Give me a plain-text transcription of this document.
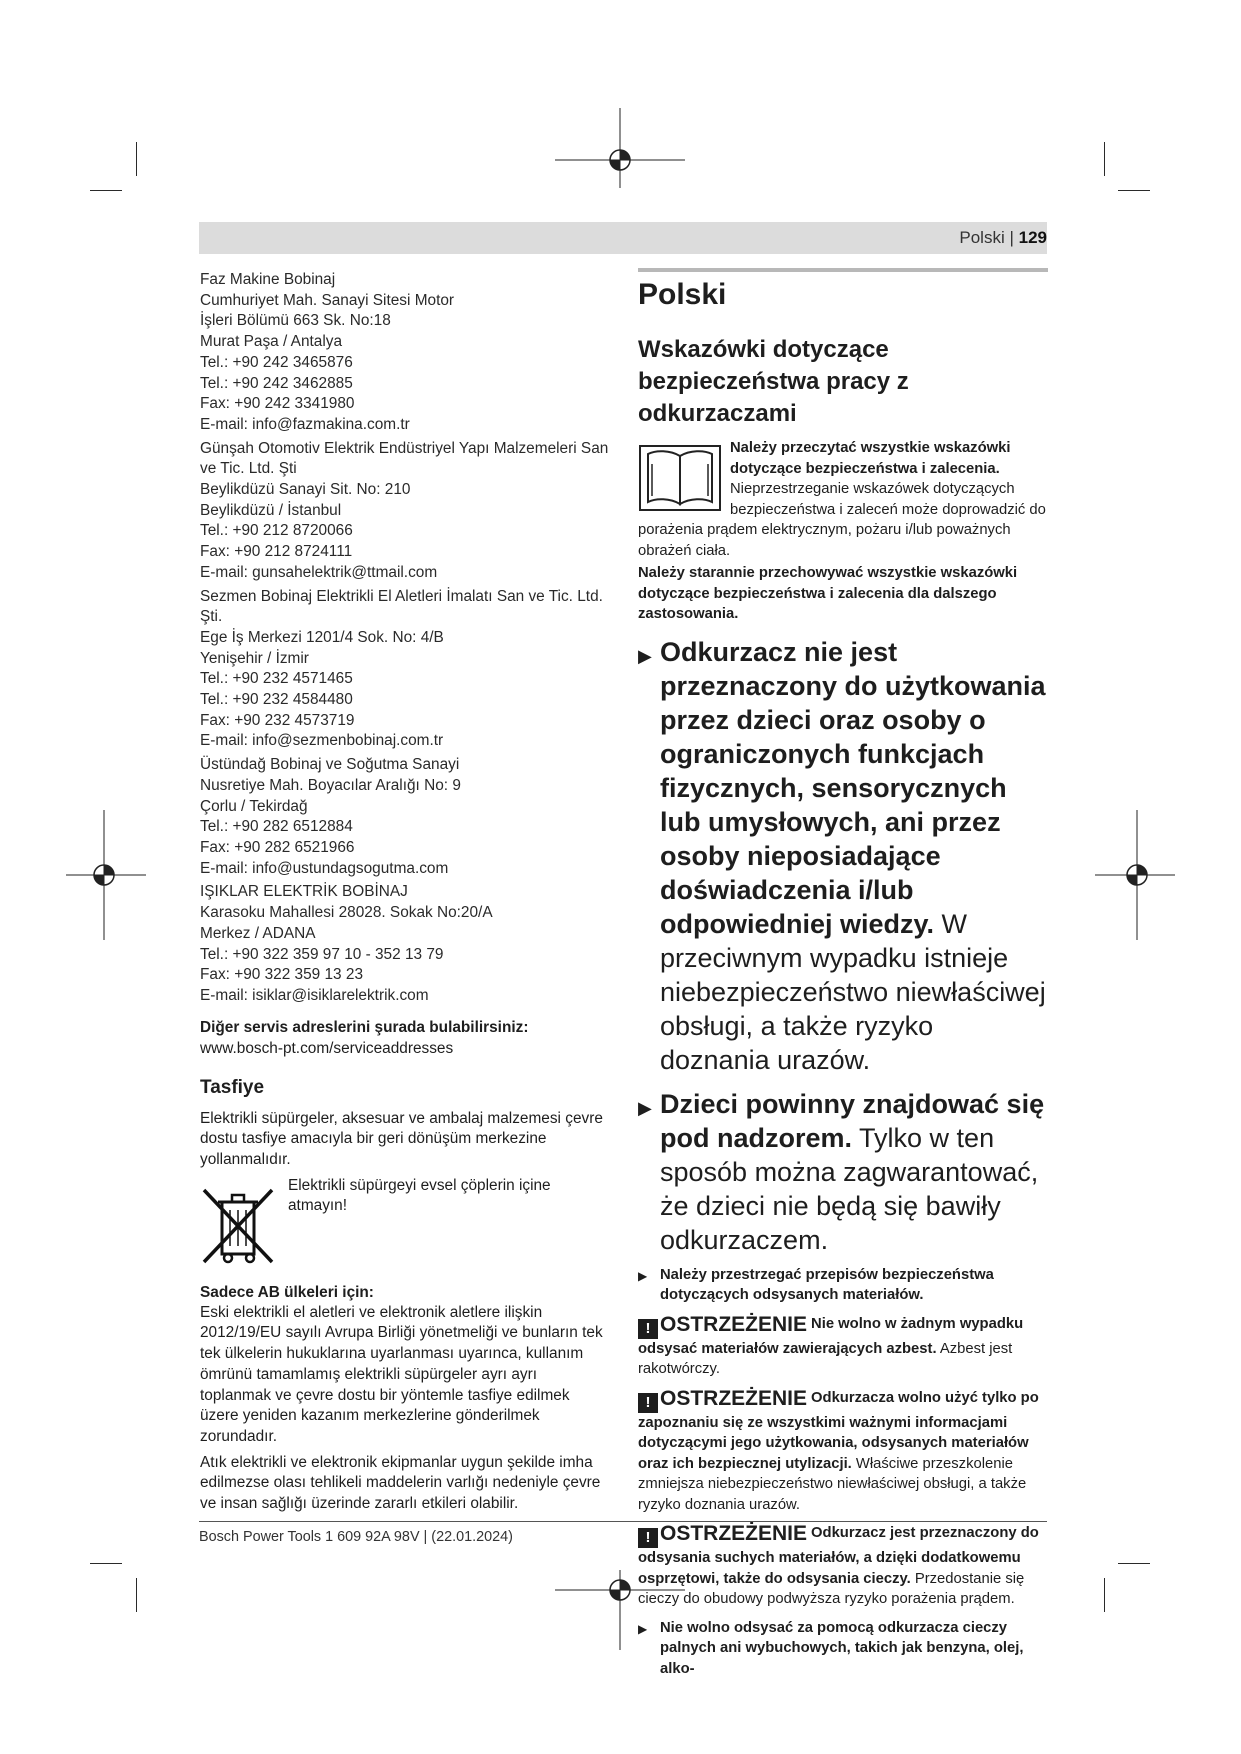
Polski | 129
Faz Makine Bobinaj
Cumhuriyet Mah. Sanayi Sitesi Motor
İşleri Bölümü 663 Sk. No:18
Murat Paşa / Antalya
Tel.: +90 242 3465876
Tel.: +90 242 3462885
Fax: +90 242 3341980
E-mail: info@fazmakina.com.tr
Günşah Otomotiv Elektrik Endüstriyel Yapı Malzemeleri San ve Tic. Ltd. Şti
Beylikdüzü Sanayi Sit. No: 210
Beylikdüzü / İstanbul
Tel.: +90 212 8720066
Fax: +90 212 8724111
E-mail: gunsahelektrik@ttmail.com
Sezmen Bobinaj Elektrikli El Aletleri İmalatı San ve Tic. Ltd. Şti.
Ege İş Merkezi 1201/4 Sok. No: 4/B
Yenişehir / İzmir
Tel.: +90 232 4571465
Tel.: +90 232 4584480
Fax: +90 232 4573719
E-mail: info@sezmenbobinaj.com.tr
Üstündağ Bobinaj ve Soğutma Sanayi
Nusretiye Mah. Boyacılar Aralığı No: 9
Çorlu / Tekirdağ
Tel.: +90 282 6512884
Fax: +90 282 6521966
E-mail: info@ustundagsogutma.com
IŞIKLAR ELEKTRİK BOBİNAJ
Karasoku Mahallesi 28028. Sokak No:20/A
Merkez / ADANA
Tel.: +90 322 359 97 10 - 352 13 79
Fax: +90 322 359 13 23
E-mail: isiklar@isiklarelektrik.com
Diğer servis adreslerini şurada bulabilirsiniz:
www.bosch-pt.com/serviceaddresses
Tasfiye
Elektrikli süpürgeler, aksesuar ve ambalaj malzemesi çevre dostu tasfiye amacıyla bir geri dönüşüm merkezine yollanmalıdır.
Elektrikli süpürgeyi evsel çöplerin içine atmayın!
Sadece AB ülkeleri için:
Eski elektrikli el aletleri ve elektronik aletlere ilişkin 2012/19/EU sayılı Avrupa Birliği yönetmeliği ve bunların tek tek ülkelerin hukuklarına uyarlanması uyarınca, kullanım ömrünü tamamlamış elektrikli süpürgeler ayrı ayrı toplanmak ve çevre dostu bir yöntemle tasfiye edilmek üzere yeniden kazanım merkezlerine gönderilmek zorundadır.
Atık elektrikli ve elektronik ekipmanlar uygun şekilde imha edilmezse olası tehlikeli maddelerin varlığı nedeniyle çevre ve insan sağlığı üzerinde zararlı etkileri olabilir.
Polski
Wskazówki dotyczące bezpieczeństwa pracy z odkurzaczami
Należy przeczytać wszystkie wskazówki dotyczące bezpieczeństwa i zalecenia. Nieprzestrzeganie wskazówek dotyczących bezpieczeństwa i zaleceń może doprowadzić do porażenia prądem elektrycznym, pożaru i/lub poważnych obrażeń ciała.
Należy starannie przechowywać wszystkie wskazówki dotyczące bezpieczeństwa i zalecenia dla dalszego zastosowania.
▶ Odkurzacz nie jest przeznaczony do użytkowania przez dzieci oraz osoby o ograniczonych funkcjach fizycznych, sensorycznych lub umysłowych, ani przez osoby nieposiadające doświadczenia i/lub odpowiedniej wiedzy. W przeciwnym wypadku istnieje niebezpieczeństwo niewłaściwej obsługi, a także ryzyko doznania urazów.
▶ Dzieci powinny znajdować się pod nadzorem. Tylko w ten sposób można zagwarantować, że dzieci nie będą się bawiły odkurzaczem.
▶ Należy przestrzegać przepisów bezpieczeństwa dotyczących odsysanych materiałów.
! OSTRZEŻENIE Nie wolno w żadnym wypadku odsysać materiałów zawierających azbest. Azbest jest rakotwórczy.
! OSTRZEŻENIE Odkurzacza wolno użyć tylko po zapoznaniu się ze wszystkimi ważnymi informacjami dotyczącymi jego użytkowania, odsysanych materiałów oraz ich bezpiecznej utylizacji. Właściwe przeszkolenie zmniejsza niebezpieczeństwo niewłaściwej obsługi, a także ryzyko doznania urazów.
! OSTRZEŻENIE Odkurzacz jest przeznaczony do odsysania suchych materiałów, a dzięki dodatkowemu osprzętowi, także do odsysania cieczy. Przedostanie się cieczy do obudowy podwyższa ryzyko porażenia prądem.
▶ Nie wolno odsysać za pomocą odkurzacza cieczy palnych ani wybuchowych, takich jak benzyna, olej, alko-
Bosch Power Tools 1 609 92A 98V | (22.01.2024)
